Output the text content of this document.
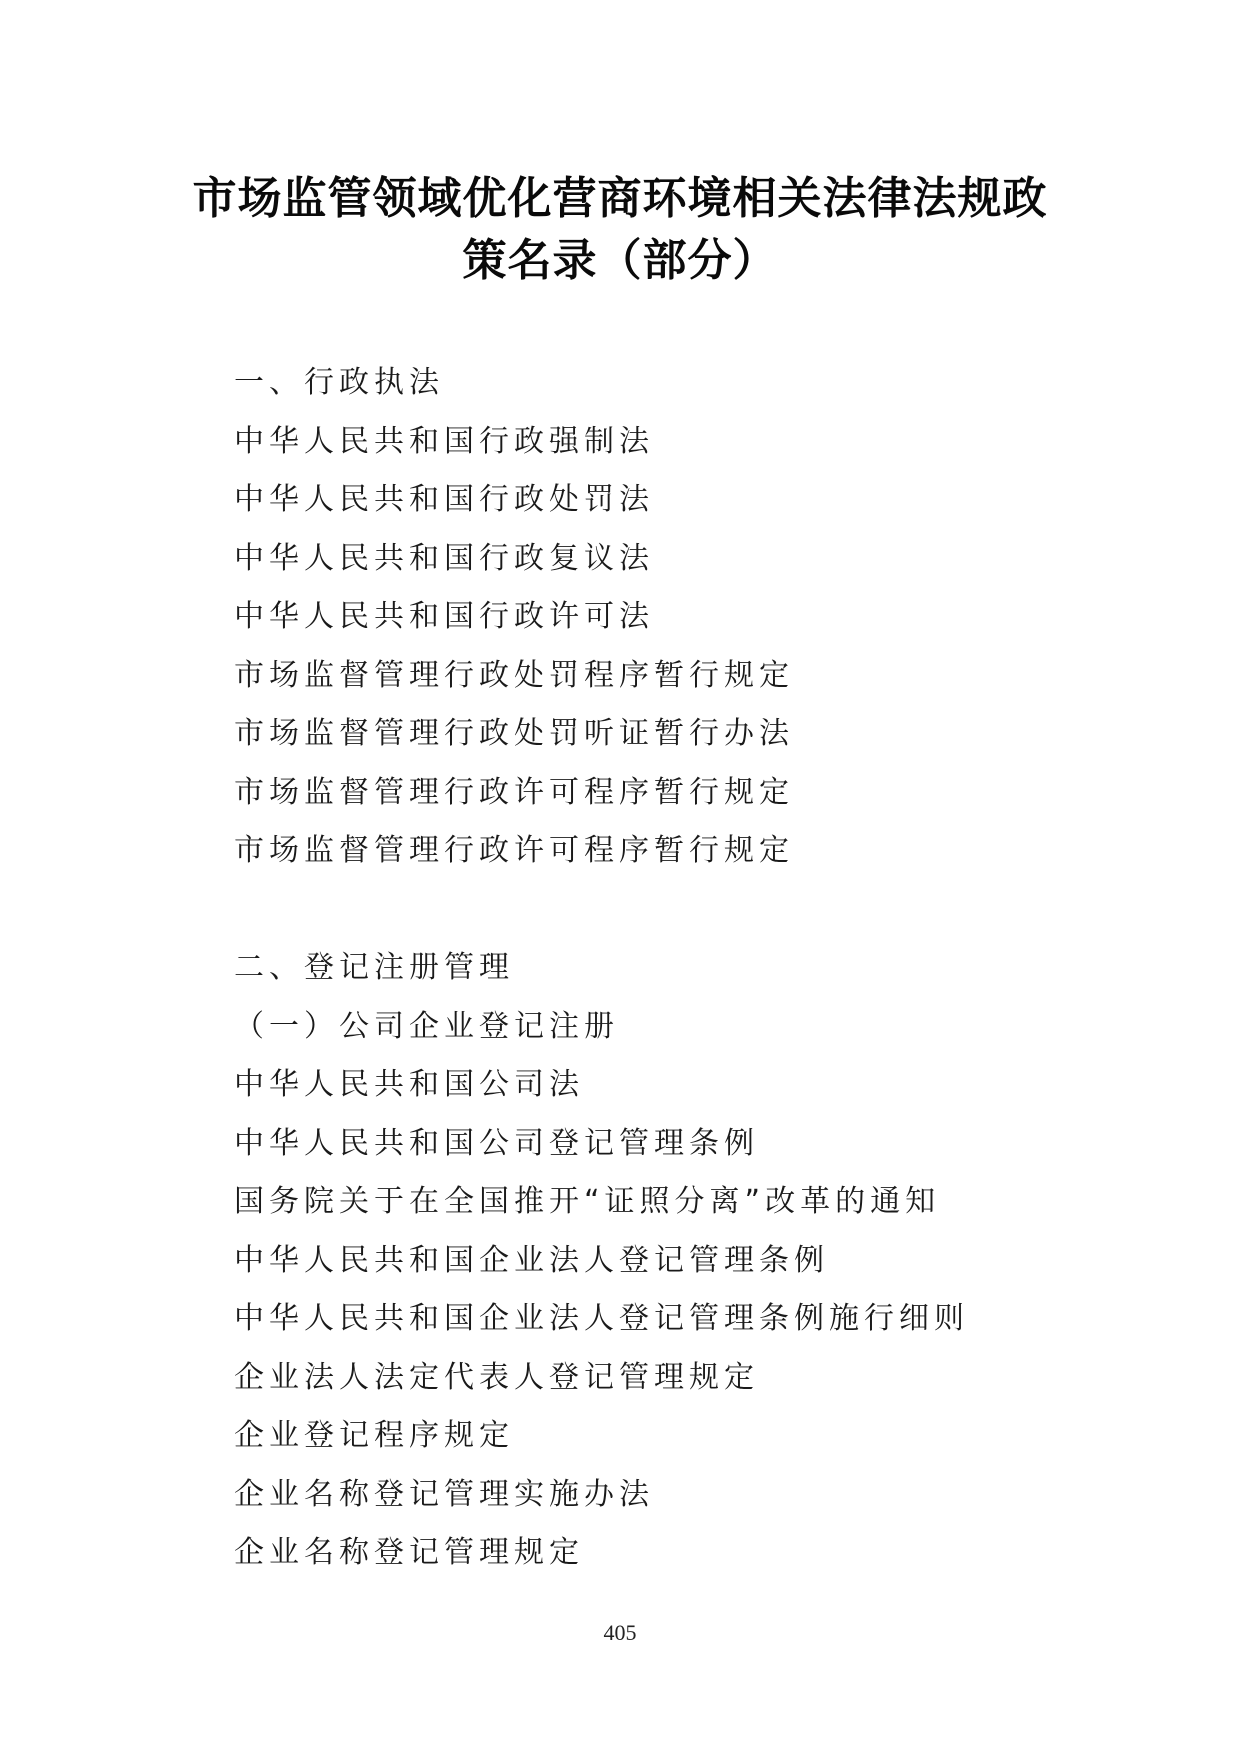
市场监管领域优化营商环境相关法律法规政
策名录（部分）
一、行政执法
中华人民共和国行政强制法
中华人民共和国行政处罚法
中华人民共和国行政复议法
中华人民共和国行政许可法
市场监督管理行政处罚程序暂行规定
市场监督管理行政处罚听证暂行办法
市场监督管理行政许可程序暂行规定
市场监督管理行政许可程序暂行规定
二、登记注册管理
（一）公司企业登记注册
中华人民共和国公司法
中华人民共和国公司登记管理条例
国务院关于在全国推开“证照分离”改革的通知
中华人民共和国企业法人登记管理条例
中华人民共和国企业法人登记管理条例施行细则
企业法人法定代表人登记管理规定
企业登记程序规定
企业名称登记管理实施办法
企业名称登记管理规定
405
